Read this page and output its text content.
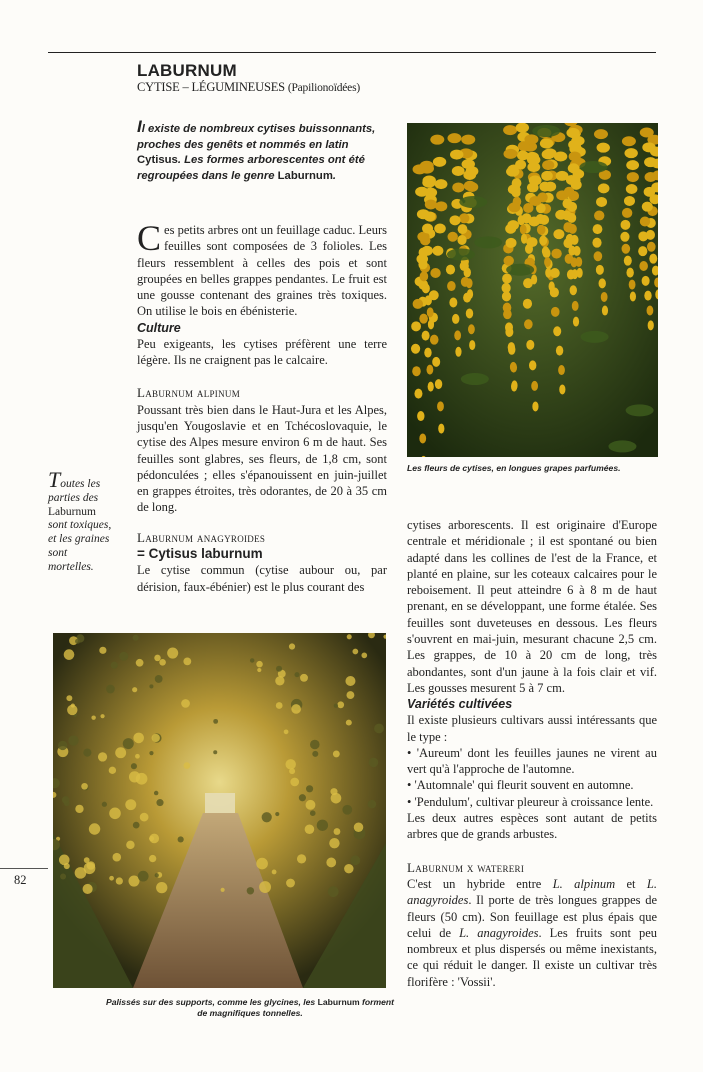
LABURNUM
CYTISE – LÉGUMINEUSES (Papilionoïdées)
Il existe de nombreux cytises buissonnants, proches des genêts et nommés en latin Cytisus. Les formes arborescentes ont été regroupées dans le genre Laburnum.

Ces petits arbres ont un feuillage caduc. Leurs feuilles sont composées de 3 folioles. Les fleurs ressemblent à celles des pois et sont groupées en belles grappes pendantes. Le fruit est une gousse contenant des graines très toxiques. On utilise le bois en ébénisterie.

Culture

Peu exigeants, les cytises préfèrent une terre légère. Ils ne craignent pas le calcaire.

Laburnum alpinum

Poussant très bien dans le Haut-Jura et les Alpes, jusqu'en Yougoslavie et en Tchécoslovaquie, le cytise des Alpes mesure environ 6 m de haut. Ses feuilles sont glabres, ses fleurs, de 1,8 cm, sont pédonculées ; elles s'épanouissent en juin-juillet en grappes étroites, très odorantes, de 20 à 35 cm de long.

Laburnum anagyroides
= Cytisus laburnum

Le cytise commun (cytise aubour ou, par dérision, faux-ébénier) est le plus courant des

Les fleurs de cytises, en longues grapes parfumées.
Toutes les parties des Laburnum sont toxiques, et les graines sont mortelles.

cytises arborescents. Il est originaire d'Europe centrale et méridionale ; il est spontané ou bien adapté dans les collines de l'est de la France, et planté en plaine, sur les coteaux calcaires pour le reboisement. Il peut atteindre 6 à 8 m de haut prenant, en se développant, une forme étalée. Ses feuilles sont duveteuses en dessous. Les fleurs s'ouvrent en mai-juin, mesurant chacune 2,5 cm. Les grappes, de 10 à 20 cm de long, très abondantes, sont d'un jaune à la fois clair et vif. Les gousses mesurent 5 à 7 cm.

Variétés cultivées

Il existe plusieurs cultivars aussi intéressants que le type :

• 'Aureum' dont les feuilles jaunes ne virent au vert qu'à l'approche de l'automne.

• 'Automnale' qui fleurit souvent en automne.

• 'Pendulum', cultivar pleureur à croissance lente.

Les deux autres espèces sont autant de petits arbres que de grands arbustes.

Laburnum x watereri

C'est un hybride entre L. alpinum et L. anagyroides. Il porte de très longues grappes de fleurs (50 cm). Son feuillage est plus épais que celui de L. anagyroides. Les fruits sont peu nombreux et plus dispersés ou même inexistants, ce qui réduit le danger. Il existe un cultivar très florifère : 'Vossii'.

Palissés sur des supports, comme les glycines, les Laburnum forment de magnifiques tonnelles.
82
